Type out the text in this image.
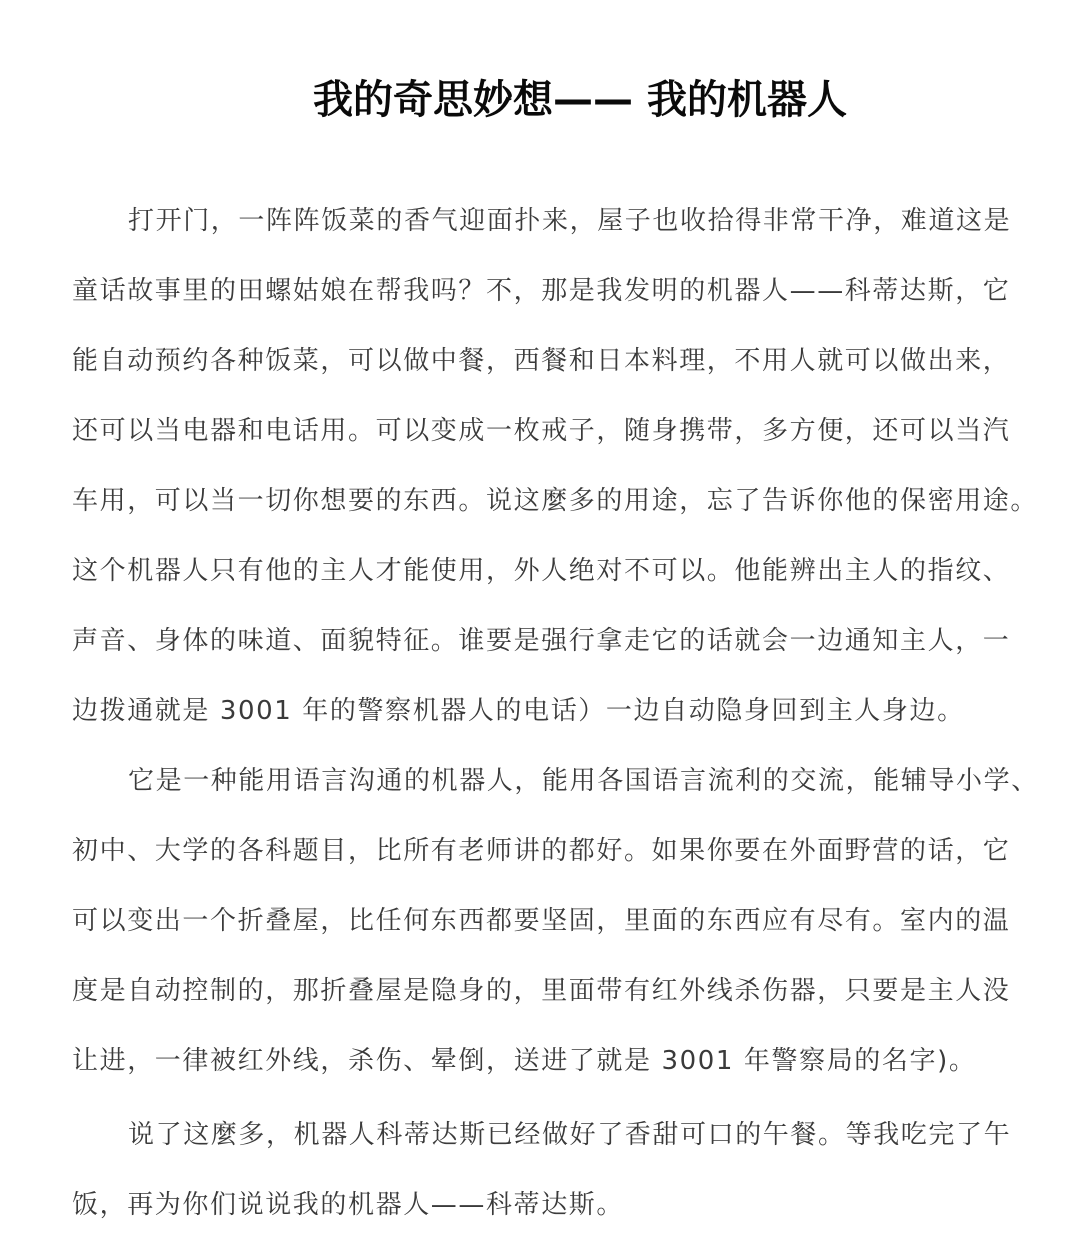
我的奇思妙想—— 我的机器人
打开门，一阵阵饭菜的香气迎面扑来，屋子也收拾得非常干净，难道这是
童话故事里的田螺姑娘在帮我吗？不，那是我发明的机器人——科蒂达斯，它
能自动预约各种饭菜，可以做中餐，西餐和日本料理，不用人就可以做出来，
还可以当电器和电话用。可以变成一枚戒子，随身携带，多方便，还可以当汽
车用，可以当一切你想要的东西。说这麼多的用途，忘了告诉你他的保密用途。
这个机器人只有他的主人才能使用，外人绝对不可以。他能辨出主人的指纹、
声音、身体的味道、面貌特征。谁要是强行拿走它的话就会一边通知主人，一
边拨通就是 3001 年的警察机器人的电话）一边自动隐身回到主人身边。
它是一种能用语言沟通的机器人，能用各国语言流利的交流，能辅导小学、
初中、大学的各科题目，比所有老师讲的都好。如果你要在外面野营的话，它
可以变出一个折叠屋，比任何东西都要坚固，里面的东西应有尽有。室内的温
度是自动控制的，那折叠屋是隐身的，里面带有红外线杀伤器，只要是主人没
让进，一律被红外线，杀伤、晕倒，送进了就是 3001 年警察局的名字)。
说了这麼多，机器人科蒂达斯已经做好了香甜可口的午餐。等我吃完了午
饭，再为你们说说我的机器人——科蒂达斯。
